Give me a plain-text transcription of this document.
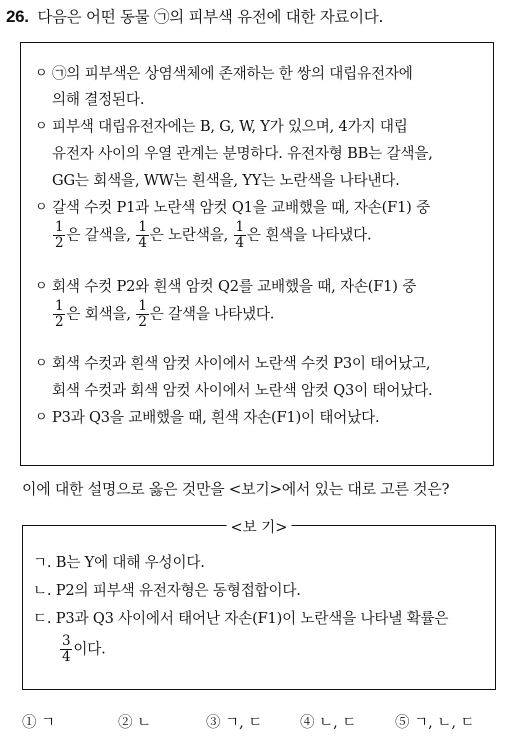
26. 다음은 어떤 동물 ㉠의 피부색 유전에 대한 자료이다.
ㅇ ㉠의 피부색은 상염색체에 존재하는 한 쌍의 대립유전자에
의해 결정된다.
ㅇ 피부색 대립유전자에는 B, G, W, Y가 있으며, 4가지 대립
유전자 사이의 우열 관계는 분명하다. 유전자형 BB는 갈색을,
GG는 회색을, WW는 흰색을, YY는 노란색을 나타낸다.
ㅇ 갈색 수컷 P1과 노란색 암컷 Q1을 교배했을 때, 자손(F1) 중
$\frac{1}{2}$ 은 갈색을, $\frac{1}{4}$ 은 노란색을, $\frac{1}{4}$ 은 흰색을 나타냈다.
ㅇ 회색 수컷 P2와 흰색 암컷 Q2를 교배했을 때, 자손(F1) 중
$\frac{1}{2}$ 은 회색을, $\frac{1}{2}$ 은 갈색을 나타냈다.
ㅇ 회색 수컷과 흰색 암컷 사이에서 노란색 수컷 P3이 태어났고,
회색 수컷과 회색 암컷 사이에서 노란색 암컷 Q3이 태어났다.
ㅇ P3과 Q3을 교배했을 때, 흰색 자손(F1)이 태어났다.
이에 대한 설명으로 옳은 것만을 <보기>에서 있는 대로 고른 것은?
<보 기>
ㄱ. B는 Y에 대해 우성이다.
ㄴ. P2의 피부색 유전자형은 동형접합이다.
ㄷ. P3과 Q3 사이에서 태어난 자손(F1)이 노란색을 나타낼 확률은
$\frac{3}{4}$ 이다.
① ㄱ	② ㄴ	③ ㄱ, ㄷ	④ ㄴ, ㄷ	⑤ ㄱ, ㄴ, ㄷ
